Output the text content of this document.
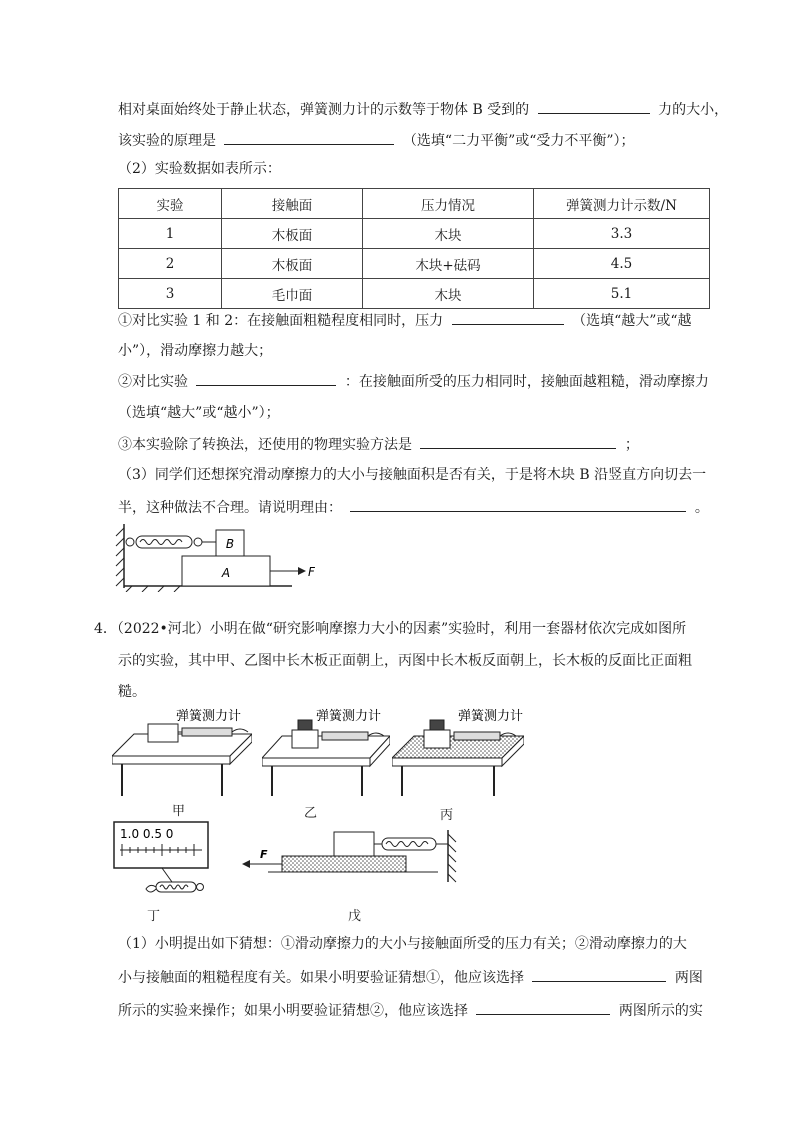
相对桌面始终处于静止状态，弹簧测力计的示数等于物体 B 受到的	力的大小，
该实验的原理是	（选填“二力平衡”或“受力不平衡”）；
（2）实验数据如表所示：
实验	接触面	压力情况	弹簧测力计示数/N
1	木板面	木块	3.3
2	木板面	木块+砝码	4.5
3	毛巾面	木块	5.1
①对比实验 1 和 2：在接触面粗糙程度相同时，压力	（选填“越大”或“越
小”），滑动摩擦力越大；
②对比实验	：在接触面所受的压力相同时，接触面越粗糙，滑动摩擦力
（选填“越大”或“越小”）；
③本实验除了转换法，还使用的物理实验方法是	；
（3）同学们还想探究滑动摩擦力的大小与接触面积是否有关，于是将木块 B 沿竖直方向切去一
半，这种做法不合理。请说明理由：	。
B
A	F
4．（2022•河北）小明在做“研究影响摩擦力大小的因素”实验时，利用一套器材依次完成如图所
示的实验，其中甲、乙图中长木板正面朝上，丙图中长木板反面朝上，长木板的反面比正面粗
糙。
弹簧测力计
甲
弹簧测力计
乙
弹簧测力计
丙
1.0 0.5 0
丁
F
戊
（1）小明提出如下猜想：①滑动摩擦力的大小与接触面所受的压力有关；②滑动摩擦力的大
小与接触面的粗糙程度有关。如果小明要验证猜想①，他应该选择	两图
所示的实验来操作；如果小明要验证猜想②，他应该选择	两图所示的实
